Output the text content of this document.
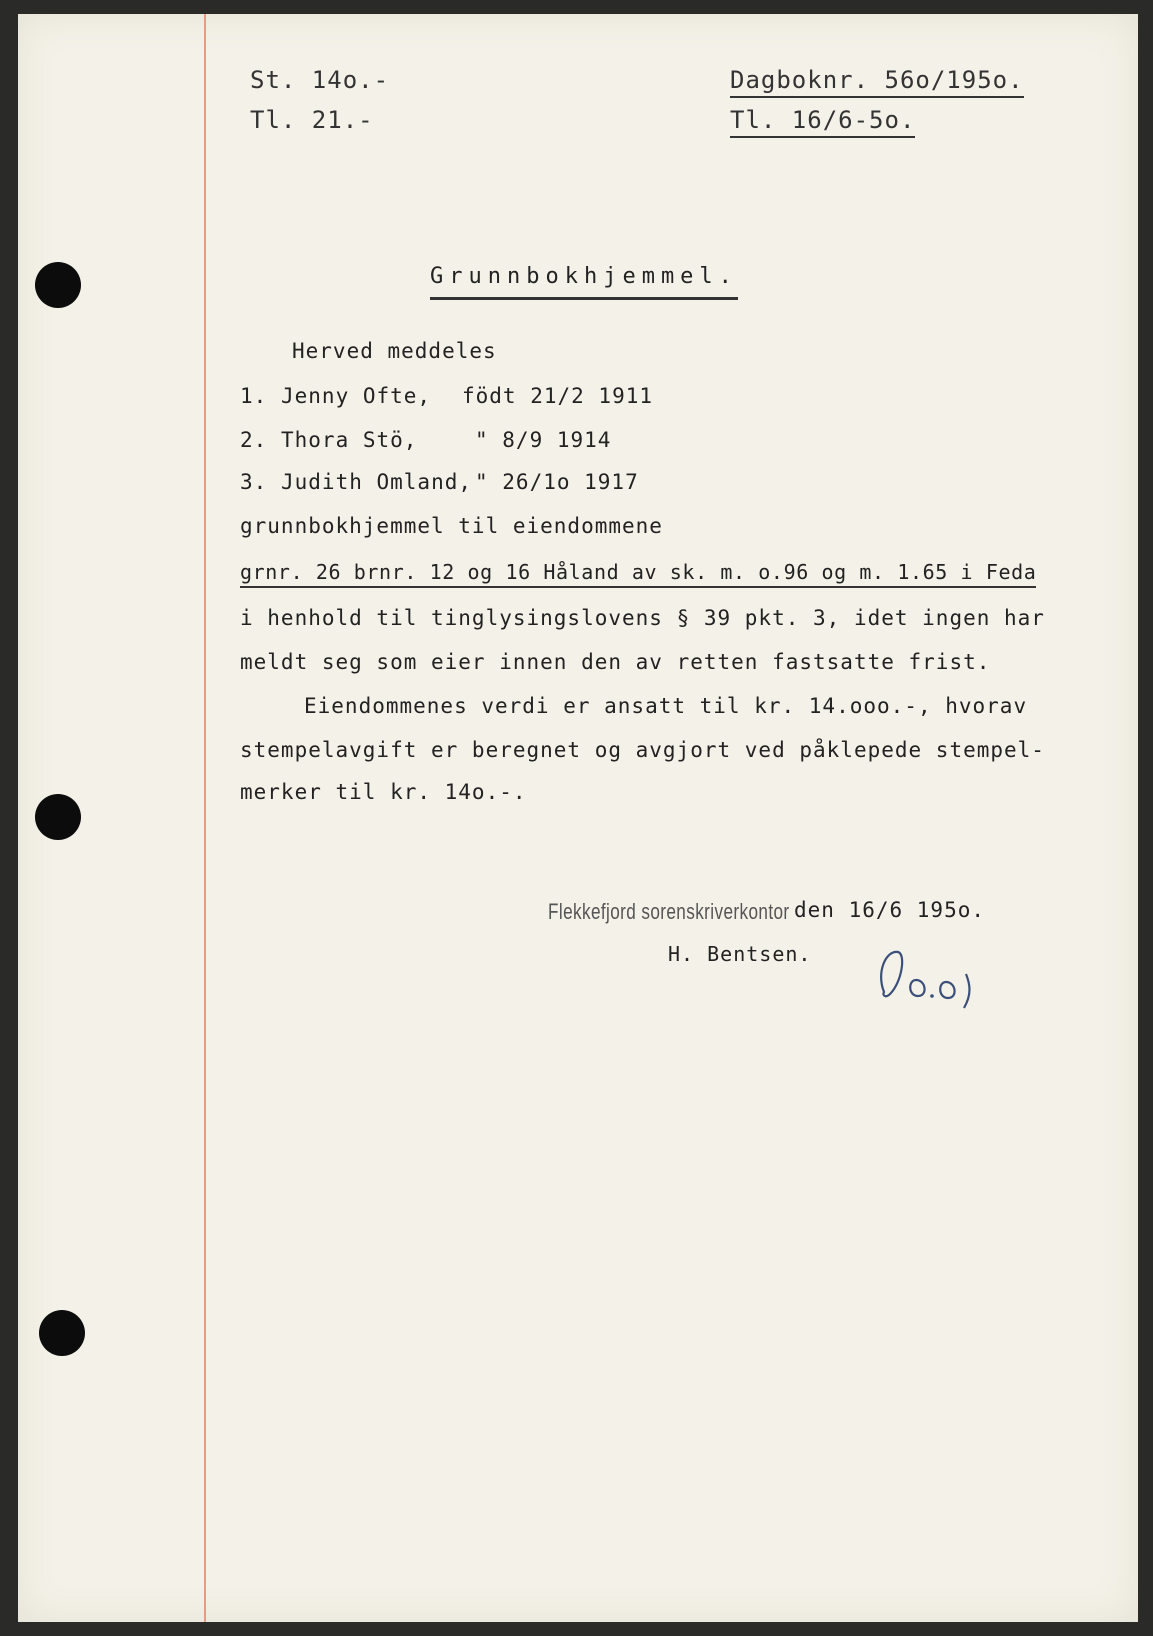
St. 14o.-
Tl. 21.-
Dagboknr. 56o/195o.
Tl. 16/6-5o.
Grunnbokhjemmel.
Herved meddeles
1. Jenny Ofte, födt 21/2 1911
2. Thora Stö,	" 8/9 1914
3. Judith Omland, " 26/1o 1917
grunnbokhjemmel til eiendommene
grnr. 26 brnr. 12 og 16 Håland av sk. m. o.96 og m. 1.65 i Feda
i henhold til tinglysingslovens § 39 pkt. 3, idet ingen har
meldt seg som eier innen den av retten fastsatte frist.
Eiendommenes verdi er ansatt til kr. 14.ooo.-, hvorav
stempelavgift er beregnet og avgjort ved påklepede stempel-
merker til kr. 14o.-.
Flekkefjord sorenskriverkontor den 16/6 195o.
H. Bentsen.
